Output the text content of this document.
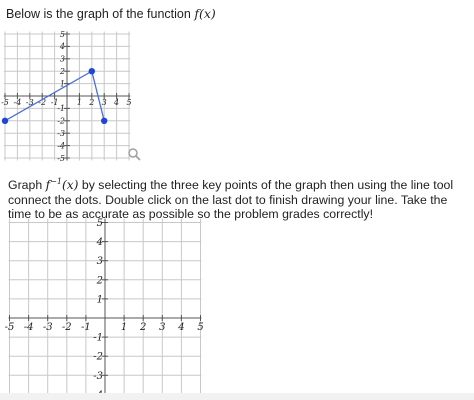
Below is the graph of the function f(x)
-5 -4 -3 -2 -1 1 2 3 4 5
5
4
3
2
1
-1
-2
-3
-4
-5
Graph $f^{-1}(x)$ by selecting the three key points of the graph then using the line tool connect the dots. Double click on the last dot to finish drawing your line. Take the time to be as accurate as possible so the problem grades correctly!
-5 -4 -3 -2 -1	1 2 3 4 5
5
4
3
2
1
-1
-2
-3
